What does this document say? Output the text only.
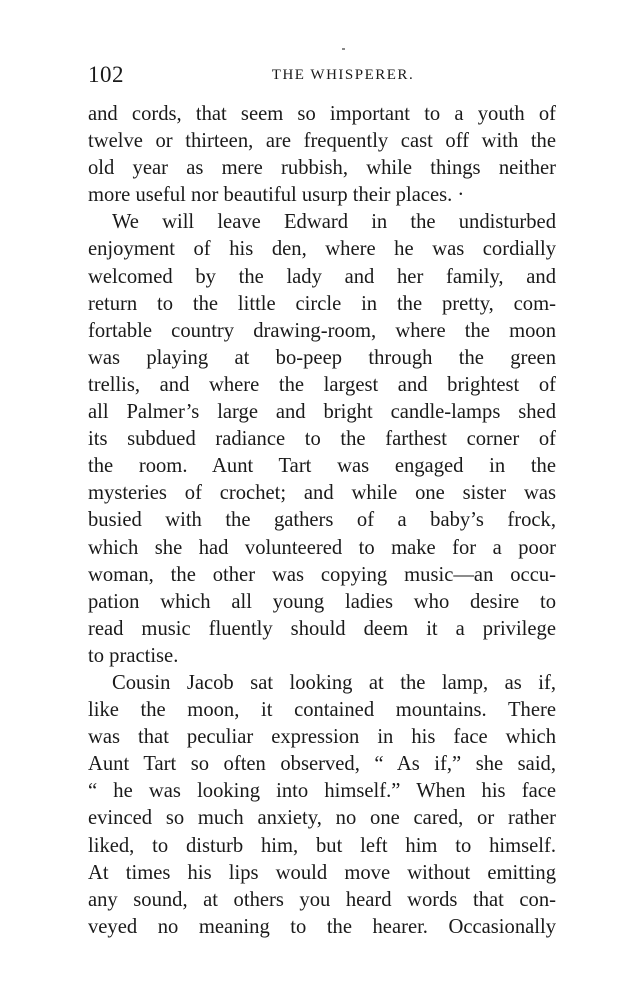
102	THE WHISPERER.
and cords, that seem so important to a youth of
twelve or thirteen, are frequently cast off with the
old year as mere rubbish, while things neither
more useful nor beautiful usurp their places. ·
We will leave Edward in the undisturbed
enjoyment of his den, where he was cordially
welcomed by the lady and her family, and
return to the little circle in the pretty, com-
fortable country drawing-room, where the moon
was playing at bo-peep through the green
trellis, and where the largest and brightest of
all Palmer’s large and bright candle-lamps shed
its subdued radiance to the farthest corner of
the room. Aunt Tart was engaged in the
mysteries of crochet; and while one sister was
busied with the gathers of a baby’s frock,
which she had volunteered to make for a poor
woman, the other was copying music—an occu-
pation which all young ladies who desire to
read music fluently should deem it a privilege
to practise.
Cousin Jacob sat looking at the lamp, as if,
like the moon, it contained mountains. There
was that peculiar expression in his face which
Aunt Tart so often observed, “ As if,” she said,
“ he was looking into himself.” When his face
evinced so much anxiety, no one cared, or rather
liked, to disturb him, but left him to himself.
At times his lips would move without emitting
any sound, at others you heard words that con-
veyed no meaning to the hearer. Occasionally
